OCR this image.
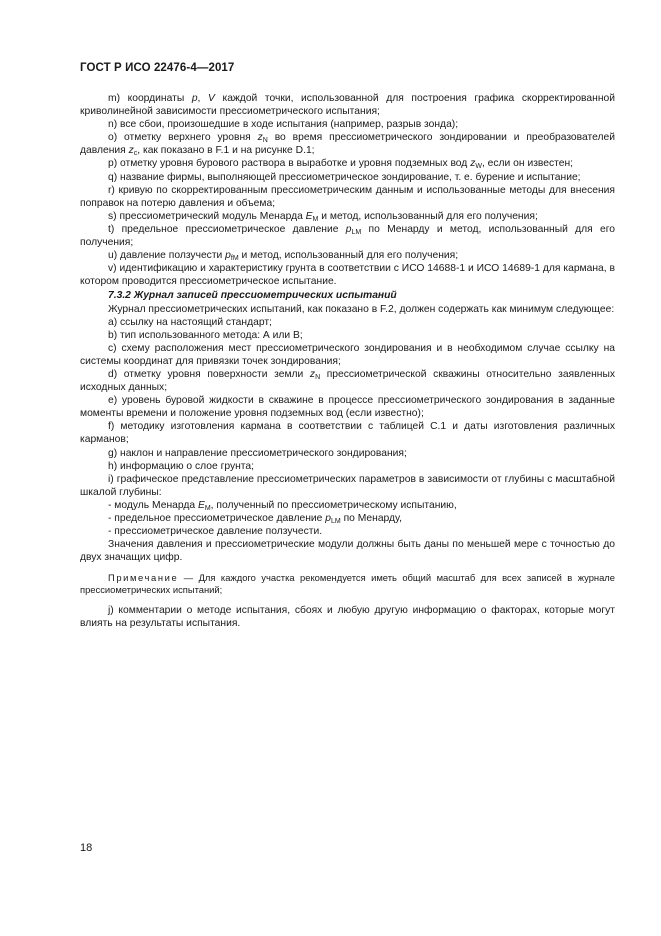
ГОСТ Р ИСО 22476-4—2017

m) координаты p, V каждой точки, использованной для построения графика скорректированной криволинейной зависимости прессиометрического испытания;

n) все сбои, произошедшие в ходе испытания (например, разрыв зонда);

o) отметку верхнего уровня $z_N$ во время прессиометрического зондировании и преобразователей давления $z_c$, как показано в F.1 и на рисунке D.1;

p) отметку уровня бурового раствора в выработке и уровня подземных вод $z_W$, если он известен;

q) название фирмы, выполняющей прессиометрическое зондирование, т. е. бурение и испытание;

r) кривую по скорректированным прессиометрическим данным и использованные методы для внесения поправок на потерю давления и объема;

s) прессиометрический модуль Менарда $E_M$ и метод, использованный для его получения;

t) предельное прессиометрическое давление $p_{LM}$ по Менарду и метод, использованный для его получения;

u) давление ползучести $p_{fM}$ и метод, использованный для его получения;

v) идентификацию и характеристику грунта в соответствии с ИСО 14688-1 и ИСО 14689-1 для кармана, в котором проводится прессиометрическое испытание.

7.3.2 Журнал записей прессиометрических испытаний

Журнал прессиометрических испытаний, как показано в F.2, должен содержать как минимум следующее:

a) ссылку на настоящий стандарт;

b) тип использованного метода: А или В;

c) схему расположения мест прессиометрического зондирования и в необходимом случае ссылку на системы координат для привязки точек зондирования;

d) отметку уровня поверхности земли $z_N$ прессиометрической скважины относительно заявленных исходных данных;

e) уровень буровой жидкости в скважине в процессе прессиометрического зондирования в заданные моменты времени и положение уровня подземных вод (если известно);

f) методику изготовления кармана в соответствии с таблицей С.1 и даты изготовления различных карманов;

g) наклон и направление прессиометрического зондирования;

h) информацию о слое грунта;

i) графическое представление прессиометрических параметров в зависимости от глубины с масштабной шкалой глубины:

- модуль Менарда $E_M$, полученный по прессиометрическому испытанию,

- предельное прессиометрическое давление $p_{LM}$ по Менарду,

- прессиометрическое давление ползучести.

Значения давления и прессиометрические модули должны быть даны по меньшей мере с точностью до двух значащих цифр.

Примечание — Для каждого участка рекомендуется иметь общий масштаб для всех записей в журнале прессиометрических испытаний;

j) комментарии о методе испытания, сбоях и любую другую информацию о факторах, которые могут влиять на результаты испытания.

18
